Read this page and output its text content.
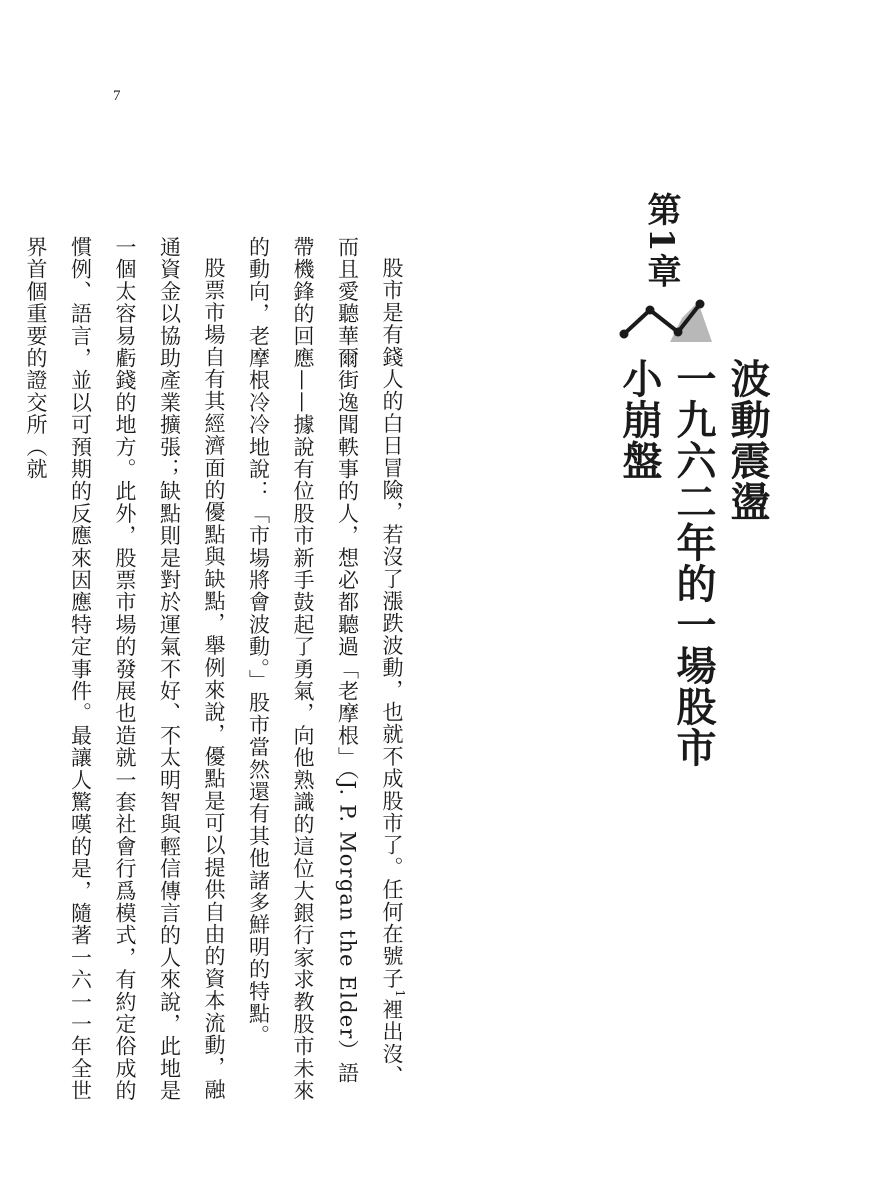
7
第1章
波動震盪
一九六二年的一場股市小崩盤

股市是有錢人的白日冒險，若沒了漲跌波動，也就不成股市了。任何在號子$^1$裡出沒、而且愛聽華爾街逸聞軼事的人，想必都聽過「老摩根」（J. P. Morgan the Elder）語帶機鋒的回應——據說有位股市新手鼓起了勇氣，向他熟識的這位大銀行家求教股市未來的動向，老摩根冷冷地說：「市場將會波動。」股市當然還有其他諸多鮮明的特點。

股票市場自有其經濟面的優點與缺點，舉例來說，優點是可以提供自由的資本流動，融通資金以協助產業擴張；缺點則是對於運氣不好、不太明智與輕信傳言的人來說，此地是一個太容易虧錢的地方。此外，股票市場的發展也造就一套社會行爲模式，有約定俗成的慣例、語言，並以可預期的反應來因應特定事件。最讓人驚嘆的是，隨著一六一一年全世界首個重要的證交所（就
